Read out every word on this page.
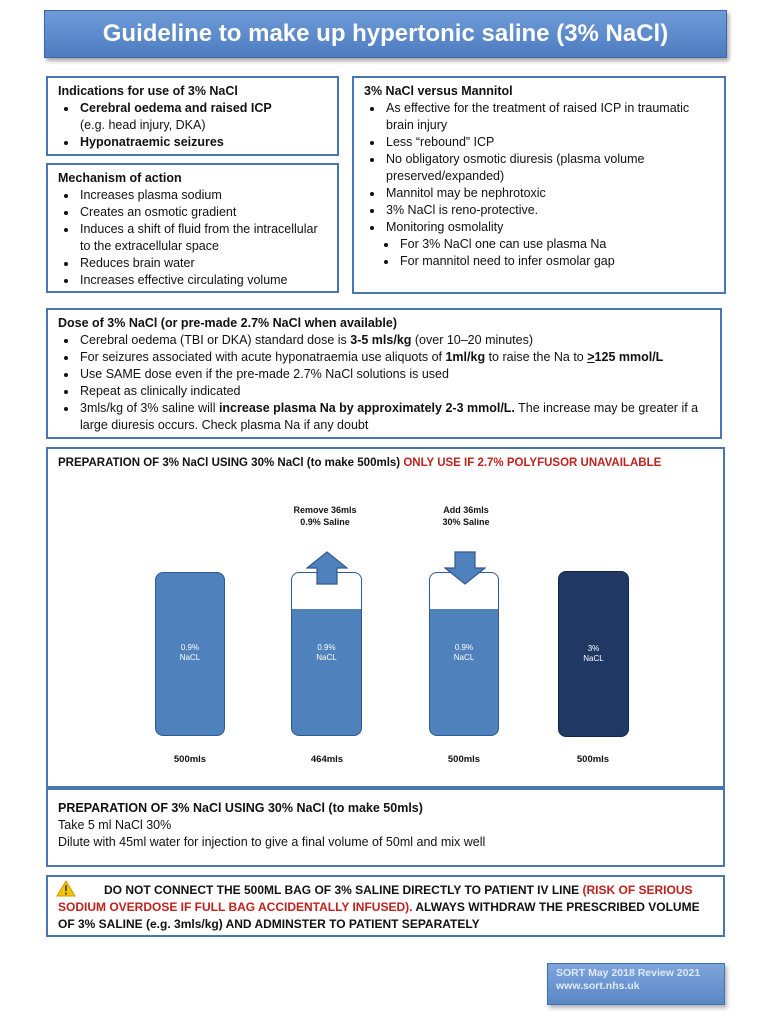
Guideline to make up hypertonic saline (3% NaCl)
Indications for use of 3% NaCl
• Cerebral oedema and raised ICP
(e.g. head injury, DKA)
• Hyponatraemic seizures
Mechanism of action
• Increases plasma sodium
• Creates an osmotic gradient
• Induces a shift of fluid from the intracellular to the extracellular space
• Reduces brain water
• Increases effective circulating volume
3% NaCl versus Mannitol
• As effective for the treatment of raised ICP in traumatic brain injury
• Less “rebound” ICP
• No obligatory osmotic diuresis (plasma volume preserved/expanded)
• Mannitol may be nephrotoxic
• 3% NaCl is reno-protective.
• Monitoring osmolality
• For 3% NaCl one can use plasma Na
• For mannitol need to infer osmolar gap
Dose of 3% NaCl (or pre-made 2.7% NaCl when available)
• Cerebral oedema (TBI or DKA) standard dose is 3-5 mls/kg (over 10–20 minutes)
• For seizures associated with acute hyponatraemia use aliquots of 1ml/kg to raise the Na to >125 mmol/L
• Use SAME dose even if the pre-made 2.7% NaCl solutions is used
• Repeat as clinically indicated
• 3mls/kg of 3% saline will increase plasma Na by approximately 2-3 mmol/L. The increase may be greater if a large diuresis occurs. Check plasma Na if any doubt
PREPARATION OF 3% NaCl USING 30% NaCl (to make 500mls) ONLY USE IF 2.7% POLYFUSOR UNAVAILABLE
Remove 36mls
0.9% Saline
Add 36mls
30% Saline
0.9%
NaCL
500mls
0.9%
NaCL
464mls
0.9%
NaCL
500mls
3%
NaCL
500mls
PREPARATION OF 3% NaCl USING 30% NaCl (to make 50mls)
Take 5 ml NaCl 30%
Dilute with 45ml water for injection to give a final volume of 50ml and mix well
DO NOT CONNECT THE 500ML BAG OF 3% SALINE DIRECTLY TO PATIENT IV LINE (RISK OF SERIOUS SODIUM OVERDOSE IF FULL BAG ACCIDENTALLY INFUSED). ALWAYS WITHDRAW THE PRESCRIBED VOLUME OF 3% SALINE (e.g. 3mls/kg) AND ADMINSTER TO PATIENT SEPARATELY
SORT May 2018 Review 2021
www.sort.nhs.uk
